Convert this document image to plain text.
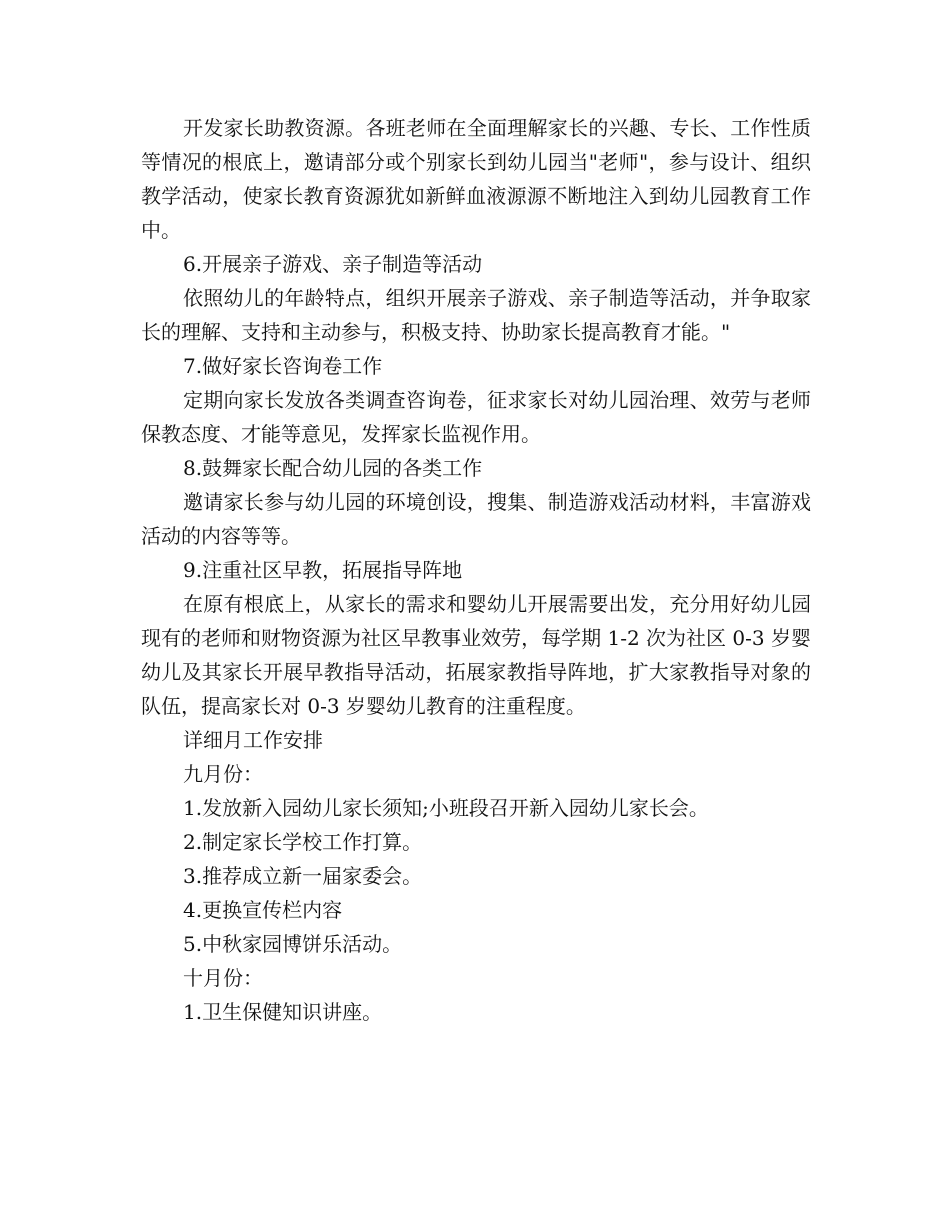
开发家长助教资源。各班老师在全面理解家长的兴趣、专长、工作性质等情况的根底上，邀请部分或个别家长到幼儿园当"老师"，参与设计、组织教学活动，使家长教育资源犹如新鲜血液源源不断地注入到幼儿园教育工作中。

6.开展亲子游戏、亲子制造等活动

依照幼儿的年龄特点，组织开展亲子游戏、亲子制造等活动，并争取家长的理解、支持和主动参与，积极支持、协助家长提高教育才能。"

7.做好家长咨询卷工作

定期向家长发放各类调查咨询卷，征求家长对幼儿园治理、效劳与老师保教态度、才能等意见，发挥家长监视作用。

8.鼓舞家长配合幼儿园的各类工作

邀请家长参与幼儿园的环境创设，搜集、制造游戏活动材料，丰富游戏活动的内容等等。

9.注重社区早教，拓展指导阵地

在原有根底上，从家长的需求和婴幼儿开展需要出发，充分用好幼儿园现有的老师和财物资源为社区早教事业效劳，每学期 1-2 次为社区 0-3 岁婴幼儿及其家长开展早教指导活动，拓展家教指导阵地，扩大家教指导对象的队伍，提高家长对 0-3 岁婴幼儿教育的注重程度。

详细月工作安排

九月份：

1.发放新入园幼儿家长须知;小班段召开新入园幼儿家长会。

2.制定家长学校工作打算。

3.推荐成立新一届家委会。

4.更换宣传栏内容

5.中秋家园博饼乐活动。

十月份：

1.卫生保健知识讲座。
